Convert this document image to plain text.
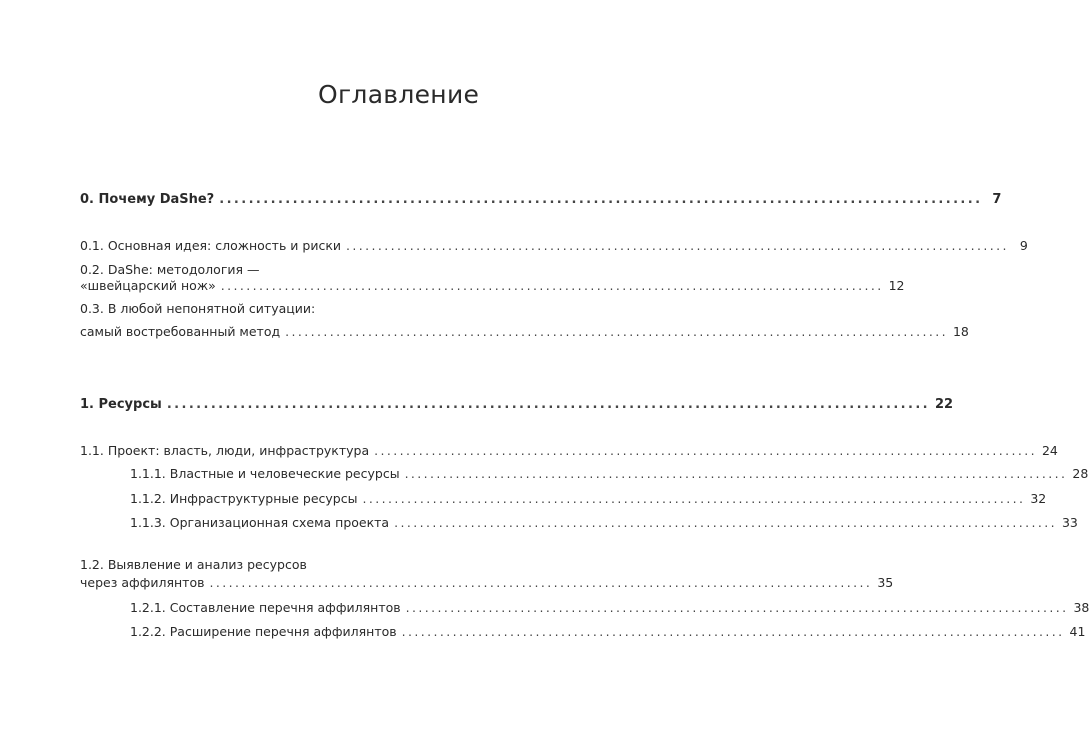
Оглавление
0. Почему DaShe? ........................................................................................................ 7
0.1. Основная идея: сложность и риски ........................................................................................................ 9
0.2. DaShe: методология —
«швейцарский нож» ........................................................................................................ 12
0.3. В любой непонятной ситуации:
самый востребованный метод ........................................................................................................ 18
1. Ресурсы ........................................................................................................ 22
1.1. Проект: власть, люди, инфраструктура ........................................................................................................ 24
1.1.1. Властные и человеческие ресурсы ........................................................................................................ 28
1.1.2. Инфраструктурные ресурсы ........................................................................................................ 32
1.1.3. Организационная схема проекта ........................................................................................................ 33
1.2. Выявление и анализ ресурсов
через аффилянтов ........................................................................................................ 35
1.2.1. Составление перечня аффилянтов ........................................................................................................ 38
1.2.2. Расширение перечня аффилянтов ........................................................................................................ 41
